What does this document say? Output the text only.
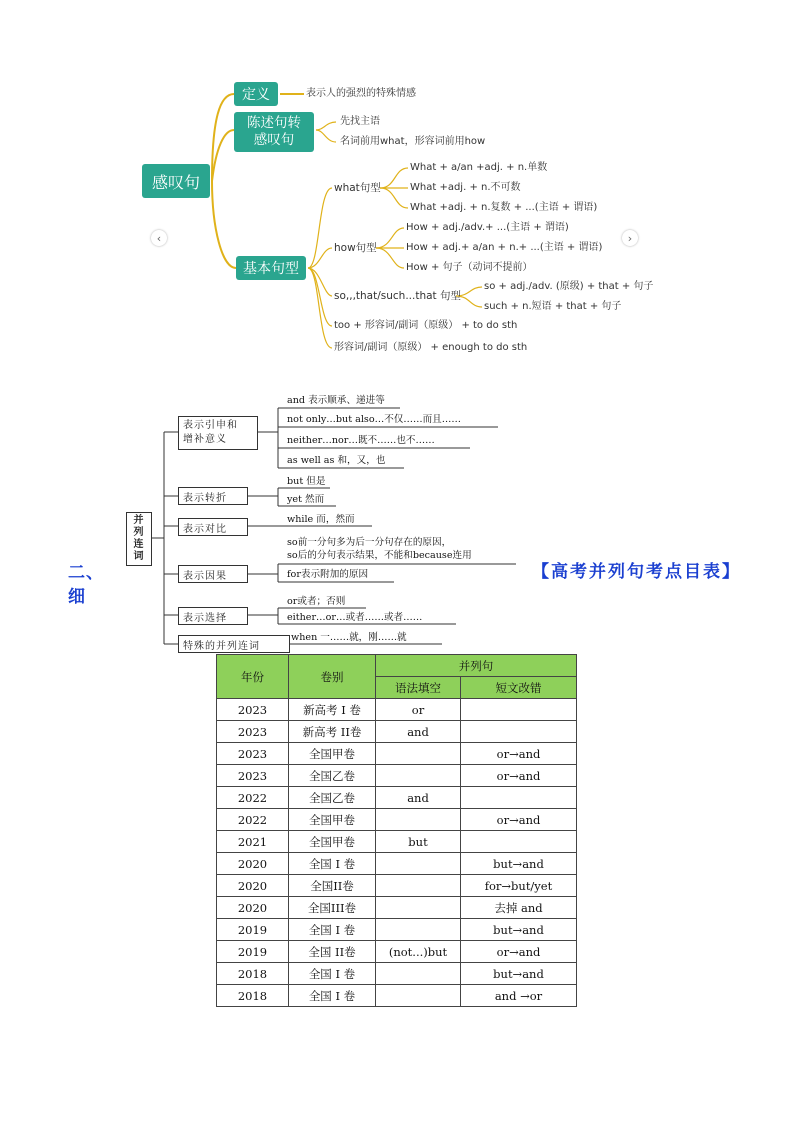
感叹句
定义	表示人的强烈的特殊情感
陈述句转
感叹句
先找主语
名词前用what，形容词前用how
基本句型
what句型
What + a/an +adj. + n.单数
What +adj. + n.不可数
What +adj. + n.复数 + ...(主语 + 谓语)
how句型
How + adj./adv.+ ...(主语 + 谓语)
How + adj.+ a/an + n.+ ...(主语 + 谓语)
How + 句子（动词不提前）
so,,,that/such...that 句型
so + adj./adv. (原级) + that + 句子
such + n.短语 + that + 句子
too + 形容词/副词（原级） + to do sth
形容词/副词（原级） + enough to do sth
‹	›
并
列
连
词
表示引申和
增补意义
and 表示顺承、递进等
not only…but also…不仅……而且……
neither…nor…既不……也不……
as well as 和，又，也
表示转折
but 但是
yet 然而
表示对比
while 而，然而
表示因果
so前一分句多为后一分句存在的原因，
so后的分句表示结果，不能和because连用
for表示附加的原因
表示选择
or或者；否则
either…or…或者……或者……
特殊的并列连词
when 一……就，刚……就
二、
细
【高考并列句考点目表】
年份	卷别	并列句	
		语法填空	短文改错
2023	新高考 I 卷	or	
2023	新高考 II卷	and	
2023	全国甲卷		or→and
2023	全国乙卷		or→and
2022	全国乙卷	and	
2022	全国甲卷		or→and
2021	全国甲卷	but	
2020	全国 I 卷		but→and
2020	全国II卷		for→but/yet
2020	全国III卷		去掉 and
2019	全国 I 卷		but→and
2019	全国 II卷	(not...)but	or→and
2018	全国 I 卷		but→and
2018	全国 I 卷		and →or
